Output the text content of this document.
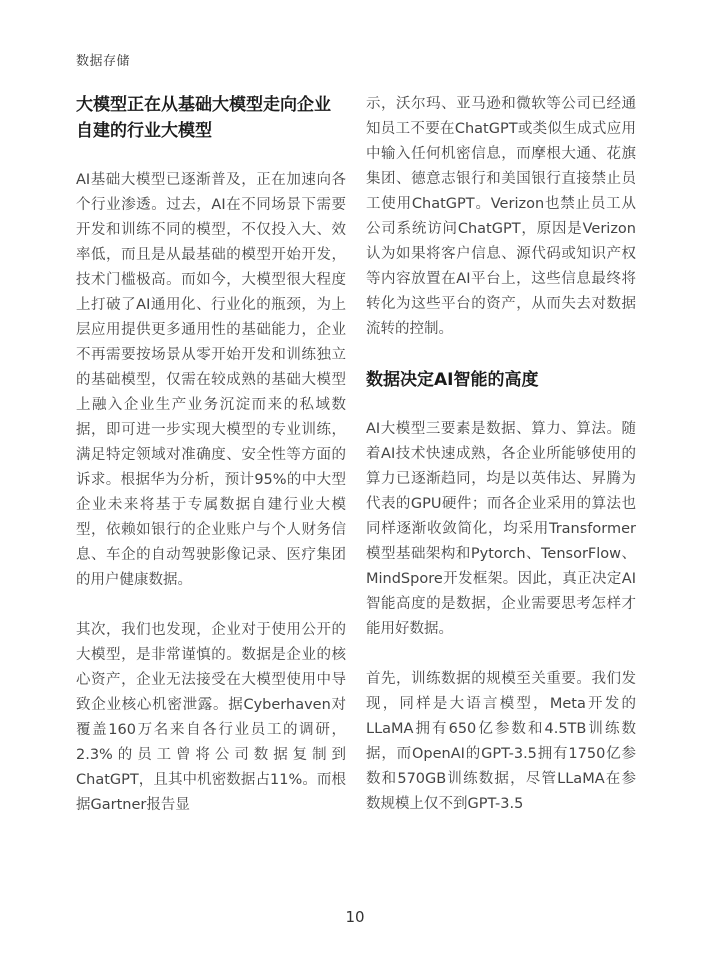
数据存储
大模型正在从基础大模型走向企业自建的行业大模型

AI基础大模型已逐渐普及，正在加速向各个行业渗透。过去，AI在不同场景下需要开发和训练不同的模型，不仅投入大、效率低，而且是从最基础的模型开始开发，技术门槛极高。而如今，大模型很大程度上打破了AI通用化、行业化的瓶颈，为上层应用提供更多通用性的基础能力，企业不再需要按场景从零开始开发和训练独立的基础模型，仅需在较成熟的基础大模型上融入企业生产业务沉淀而来的私域数据，即可进一步实现大模型的专业训练，满足特定领域对准确度、安全性等方面的诉求。根据华为分析，预计95%的中大型企业未来将基于专属数据自建行业大模型，依赖如银行的企业账户与个人财务信息、车企的自动驾驶影像记录、医疗集团的用户健康数据。

其次，我们也发现，企业对于使用公开的大模型，是非常谨慎的。数据是企业的核心资产，企业无法接受在大模型使用中导致企业核心机密泄露。据Cyberhaven对覆盖160万名来自各行业员工的调研，2.3%的员工曾将公司数据复制到ChatGPT，且其中机密数据占11%。而根据Gartner报告显

示，沃尔玛、亚马逊和微软等公司已经通知员工不要在ChatGPT或类似生成式应用中输入任何机密信息，而摩根大通、花旗集团、德意志银行和美国银行直接禁止员工使用ChatGPT。Verizon也禁止员工从公司系统访问ChatGPT，原因是Verizon认为如果将客户信息、源代码或知识产权等内容放置在AI平台上，这些信息最终将转化为这些平台的资产，从而失去对数据流转的控制。

数据决定AI智能的高度

AI大模型三要素是数据、算力、算法。随着AI技术快速成熟，各企业所能够使用的算力已逐渐趋同，均是以英伟达、昇腾为代表的GPU硬件；而各企业采用的算法也同样逐渐收敛简化，均采用Transformer模型基础架构和Pytorch、TensorFlow、MindSpore开发框架。因此，真正决定AI智能高度的是数据，企业需要思考怎样才能用好数据。

首先，训练数据的规模至关重要。我们发现，同样是大语言模型，Meta开发的LLaMA拥有650亿参数和4.5TB训练数据，而OpenAI的GPT-3.5拥有1750亿参数和570GB训练数据，尽管LLaMA在参数规模上仅不到GPT-3.5

10
